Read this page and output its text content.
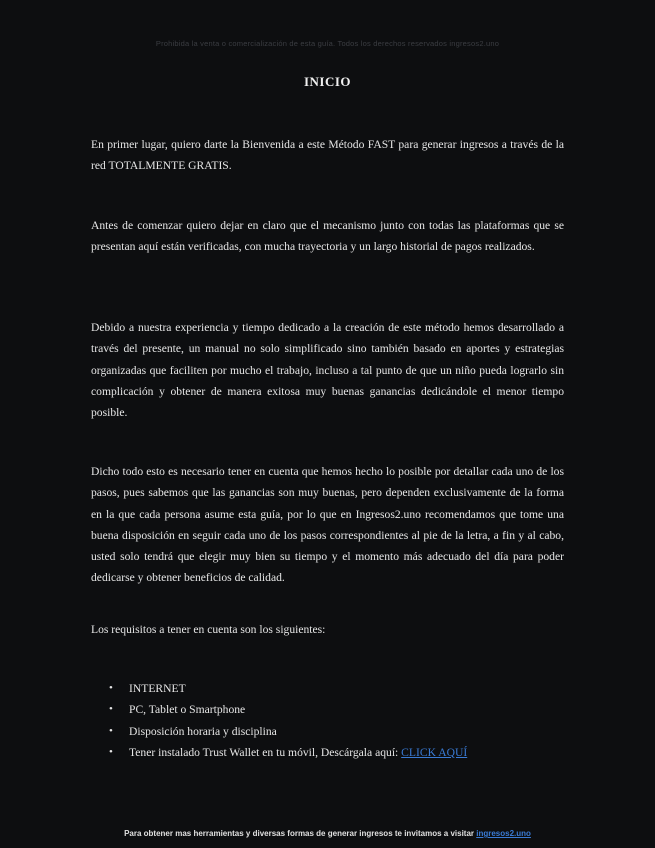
Prohibida la venta o comercialización de esta guía. Todos los derechos reservados ingresos2.uno
INICIO

En primer lugar, quiero darte la Bienvenida a este Método FAST para generar ingresos a través de la red TOTALMENTE GRATIS.

Antes de comenzar quiero dejar en claro que el mecanismo junto con todas las plataformas que se presentan aquí están verificadas, con mucha trayectoria y un largo historial de pagos realizados.

Debido a nuestra experiencia y tiempo dedicado a la creación de este método hemos desarrollado a través del presente, un manual no solo simplificado sino también basado en aportes y estrategias organizadas que faciliten por mucho el trabajo, incluso a tal punto de que un niño pueda lograrlo sin complicación y obtener de manera exitosa muy buenas ganancias dedicándole el menor tiempo posible.

Dicho todo esto es necesario tener en cuenta que hemos hecho lo posible por detallar cada uno de los pasos, pues sabemos que las ganancias son muy buenas, pero dependen exclusivamente de la forma en la que cada persona asume esta guía, por lo que en Ingresos2.uno recomendamos que tome una buena disposición en seguir cada uno de los pasos correspondientes al pie de la letra, a fin y al cabo, usted solo tendrá que elegir muy bien su tiempo y el momento más adecuado del día para poder dedicarse y obtener beneficios de calidad.

Los requisitos a tener en cuenta son los siguientes:

• INTERNET
• PC, Tablet o Smartphone
• Disposición horaria y disciplina
• Tener instalado Trust Wallet en tu móvil, Descárgala aquí: CLICK AQUÍ
Para obtener mas herramientas y diversas formas de generar ingresos te invitamos a visitar ingresos2.uno
